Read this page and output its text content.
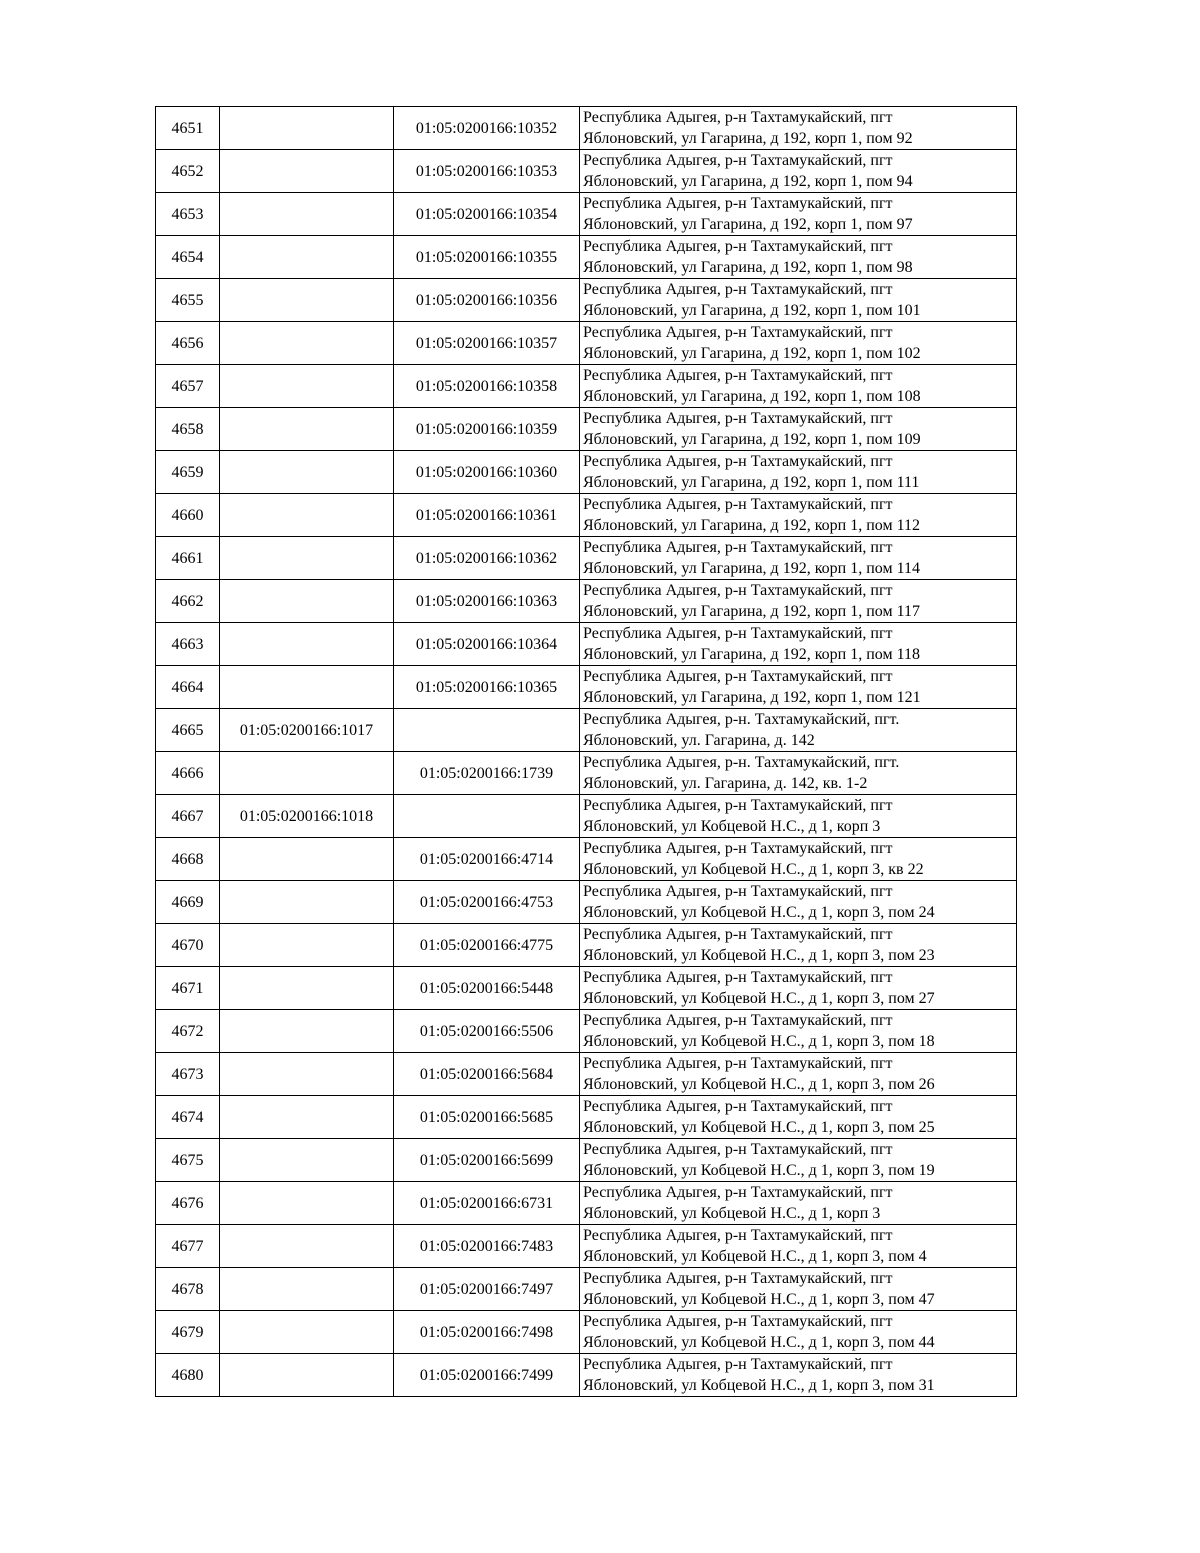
4651		01:05:0200166:10352	Республика Адыгея, р-н Тахтамукайский, пгт
Яблоновский, ул Гагарина, д 192, корп 1, пом 92

4652		01:05:0200166:10353	Республика Адыгея, р-н Тахтамукайский, пгт
Яблоновский, ул Гагарина, д 192, корп 1, пом 94

4653		01:05:0200166:10354	Республика Адыгея, р-н Тахтамукайский, пгт
Яблоновский, ул Гагарина, д 192, корп 1, пом 97

4654		01:05:0200166:10355	Республика Адыгея, р-н Тахтамукайский, пгт
Яблоновский, ул Гагарина, д 192, корп 1, пом 98

4655		01:05:0200166:10356	Республика Адыгея, р-н Тахтамукайский, пгт
Яблоновский, ул Гагарина, д 192, корп 1, пом 101

4656		01:05:0200166:10357	Республика Адыгея, р-н Тахтамукайский, пгт
Яблоновский, ул Гагарина, д 192, корп 1, пом 102

4657		01:05:0200166:10358	Республика Адыгея, р-н Тахтамукайский, пгт
Яблоновский, ул Гагарина, д 192, корп 1, пом 108

4658		01:05:0200166:10359	Республика Адыгея, р-н Тахтамукайский, пгт
Яблоновский, ул Гагарина, д 192, корп 1, пом 109

4659		01:05:0200166:10360	Республика Адыгея, р-н Тахтамукайский, пгт
Яблоновский, ул Гагарина, д 192, корп 1, пом 111

4660		01:05:0200166:10361	Республика Адыгея, р-н Тахтамукайский, пгт
Яблоновский, ул Гагарина, д 192, корп 1, пом 112

4661		01:05:0200166:10362	Республика Адыгея, р-н Тахтамукайский, пгт
Яблоновский, ул Гагарина, д 192, корп 1, пом 114

4662		01:05:0200166:10363	Республика Адыгея, р-н Тахтамукайский, пгт
Яблоновский, ул Гагарина, д 192, корп 1, пом 117

4663		01:05:0200166:10364	Республика Адыгея, р-н Тахтамукайский, пгт
Яблоновский, ул Гагарина, д 192, корп 1, пом 118

4664		01:05:0200166:10365	Республика Адыгея, р-н Тахтамукайский, пгт
Яблоновский, ул Гагарина, д 192, корп 1, пом 121

4665	01:05:0200166:1017		Республика Адыгея, р-н. Тахтамукайский, пгт.
Яблоновский, ул. Гагарина, д. 142

4666		01:05:0200166:1739	Республика Адыгея, р-н. Тахтамукайский, пгт.
Яблоновский, ул. Гагарина, д. 142, кв. 1-2

4667	01:05:0200166:1018		Республика Адыгея, р-н Тахтамукайский, пгт
Яблоновский, ул Кобцевой Н.С., д 1, корп 3

4668		01:05:0200166:4714	Республика Адыгея, р-н Тахтамукайский, пгт
Яблоновский, ул Кобцевой Н.С., д 1, корп 3, кв 22

4669		01:05:0200166:4753	Республика Адыгея, р-н Тахтамукайский, пгт
Яблоновский, ул Кобцевой Н.С., д 1, корп 3, пом 24

4670		01:05:0200166:4775	Республика Адыгея, р-н Тахтамукайский, пгт
Яблоновский, ул Кобцевой Н.С., д 1, корп 3, пом 23

4671		01:05:0200166:5448	Республика Адыгея, р-н Тахтамукайский, пгт
Яблоновский, ул Кобцевой Н.С., д 1, корп 3, пом 27

4672		01:05:0200166:5506	Республика Адыгея, р-н Тахтамукайский, пгт
Яблоновский, ул Кобцевой Н.С., д 1, корп 3, пом 18

4673		01:05:0200166:5684	Республика Адыгея, р-н Тахтамукайский, пгт
Яблоновский, ул Кобцевой Н.С., д 1, корп 3, пом 26

4674		01:05:0200166:5685	Республика Адыгея, р-н Тахтамукайский, пгт
Яблоновский, ул Кобцевой Н.С., д 1, корп 3, пом 25

4675		01:05:0200166:5699	Республика Адыгея, р-н Тахтамукайский, пгт
Яблоновский, ул Кобцевой Н.С., д 1, корп 3, пом 19

4676		01:05:0200166:6731	Республика Адыгея, р-н Тахтамукайский, пгт
Яблоновский, ул Кобцевой Н.С., д 1, корп 3

4677		01:05:0200166:7483	Республика Адыгея, р-н Тахтамукайский, пгт
Яблоновский, ул Кобцевой Н.С., д 1, корп 3, пом 4

4678		01:05:0200166:7497	Республика Адыгея, р-н Тахтамукайский, пгт
Яблоновский, ул Кобцевой Н.С., д 1, корп 3, пом 47

4679		01:05:0200166:7498	Республика Адыгея, р-н Тахтамукайский, пгт
Яблоновский, ул Кобцевой Н.С., д 1, корп 3, пом 44

4680		01:05:0200166:7499	Республика Адыгея, р-н Тахтамукайский, пгт
Яблоновский, ул Кобцевой Н.С., д 1, корп 3, пом 31
